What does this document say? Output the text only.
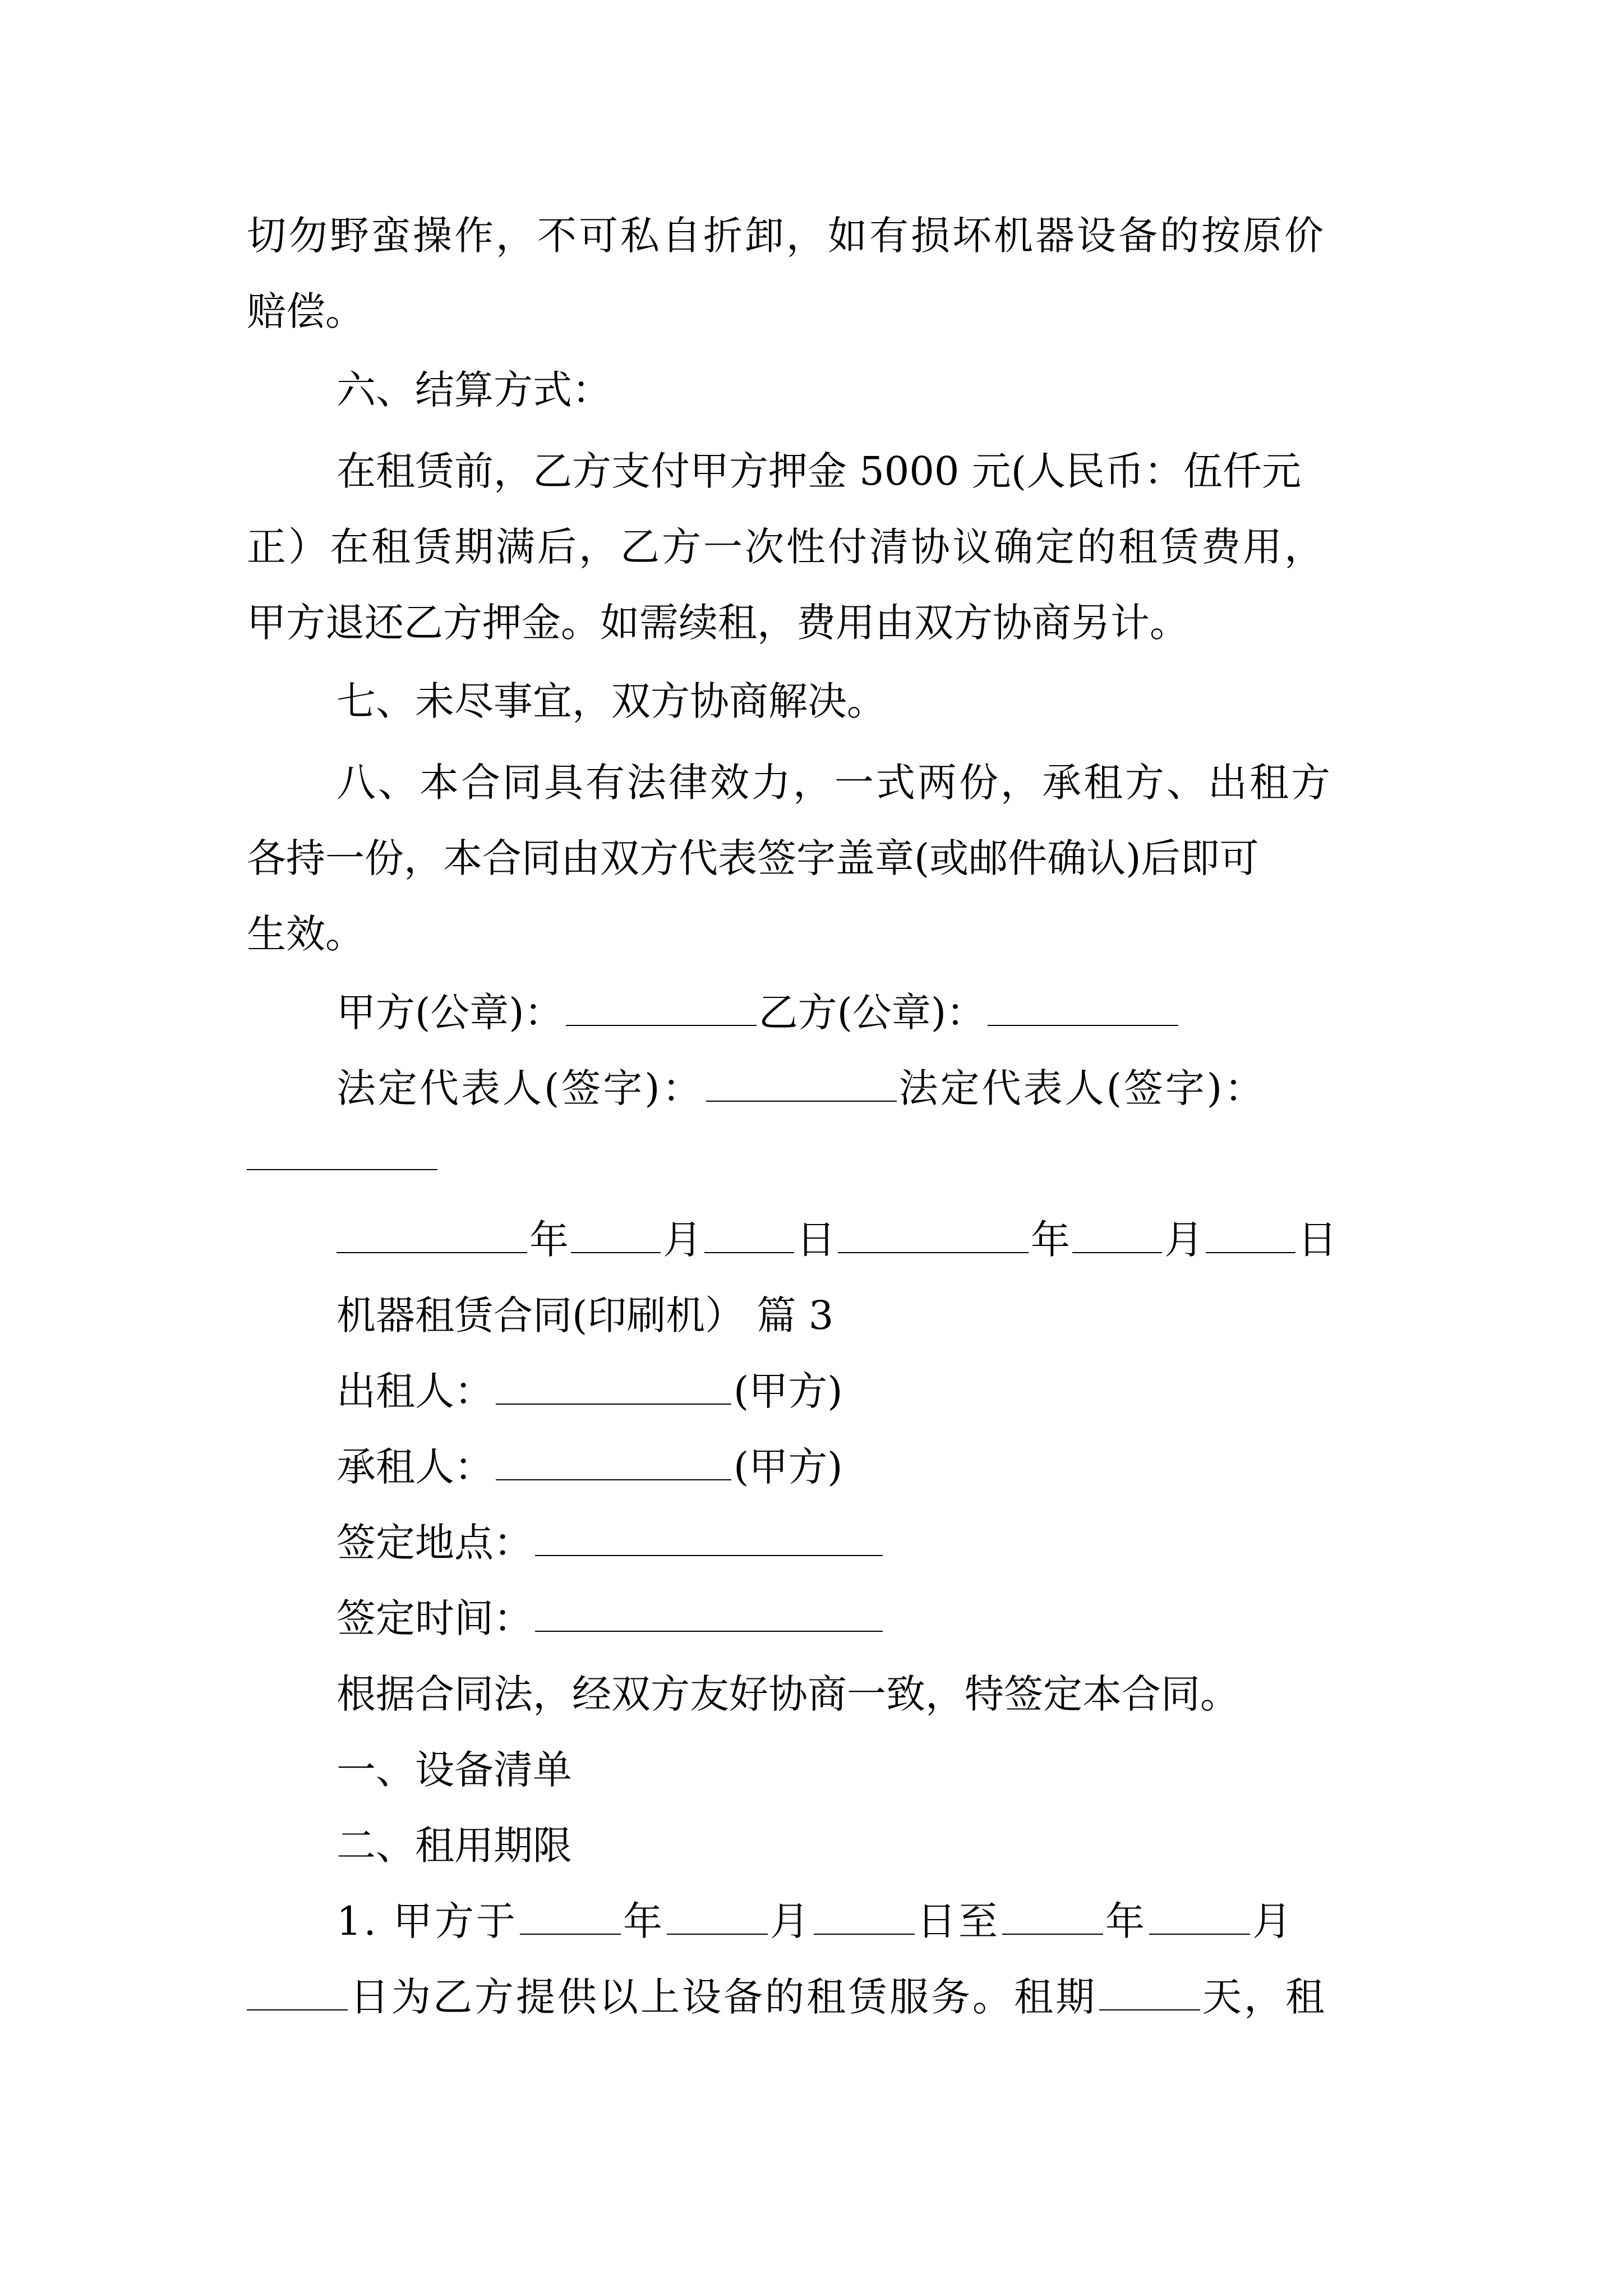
切勿野蛮操作，不可私自折卸，如有损坏机器设备的按原价
赔偿。
六、结算方式：
在租赁前，乙方支付甲方押金 5000 元(人民币：伍仟元
正）在租赁期满后，乙方一次性付清协议确定的租赁费用，
甲方退还乙方押金。如需续租，费用由双方协商另计。
七、未尽事宜，双方协商解决。
八、本合同具有法律效力，一式两份，承租方、出租方
各持一份，本合同由双方代表签字盖章(或邮件确认)后即可
生效。
甲方(公章)：	乙方(公章)：
法定代表人(签字)：	法定代表人(签字)：
年 月 日	年 月 日
机器租赁合同(印刷机） 篇 3
出租人：	(甲方)
承租人：	(甲方)
签定地点：
签定时间：
根据合同法，经双方友好协商一致，特签定本合同。
一、设备清单
二、租用期限
1. 甲方于	年	月	日至	年	月
日为乙方提供以上设备的租赁服务。租期	天，租
